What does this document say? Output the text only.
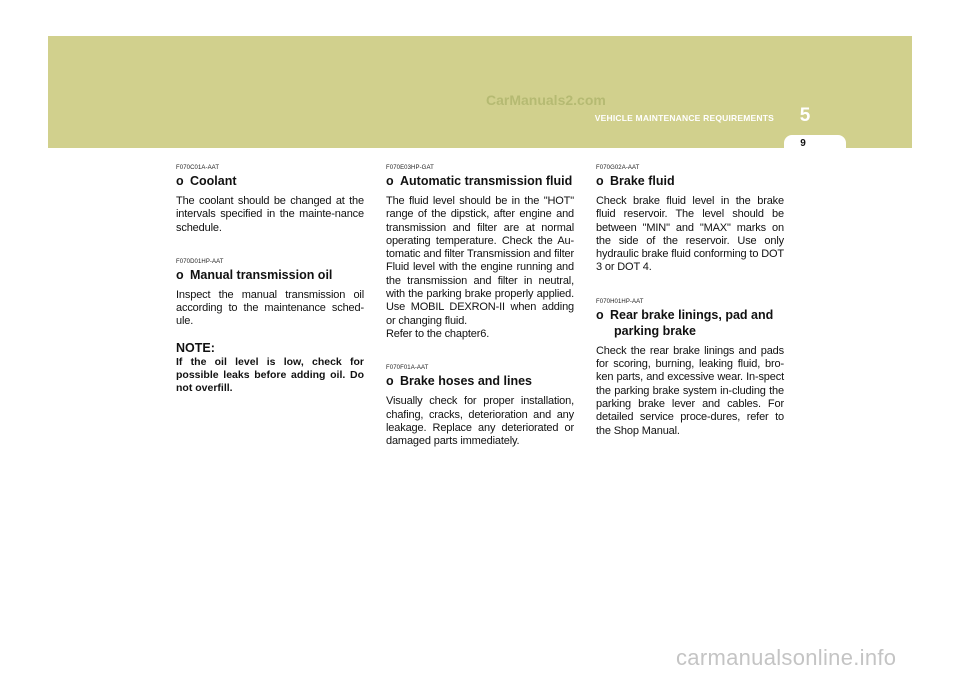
CarManuals2.com
VEHICLE MAINTENANCE REQUIREMENTS	5
9

F070C01A-AAT

o Coolant

The coolant should be changed at the intervals specified in the mainte-nance schedule.

F070D01HP-AAT

o Manual transmission oil

Inspect the manual transmission oil according to the maintenance sched-ule.

NOTE:

If the oil level is low, check for possible leaks before adding oil. Do not overfill.

F070E03HP-GAT

o Automatic transmission fluid

The fluid level should be in the "HOT" range of the dipstick, after engine and transmission and filter are at normal operating temperature. Check the Au-tomatic and filter Transmission and filter Fluid level with the engine running and the transmission and filter in neutral, with the parking brake properly applied. Use MOBIL DEXRON-II when adding or changing fluid.

Refer to the chapter6.

F070F01A-AAT

o Brake hoses and lines

Visually check for proper installation, chafing, cracks, deterioration and any leakage. Replace any deteriorated or damaged parts immediately.

F070G02A-AAT

o Brake fluid

Check brake fluid level in the brake fluid reservoir. The level should be between "MIN" and "MAX" marks on the side of the reservoir. Use only hydraulic brake fluid conforming to DOT 3 or DOT 4.

F070H01HP-AAT

o Rear brake linings, pad and parking brake

Check the rear brake linings and pads for scoring, burning, leaking fluid, bro-ken parts, and excessive wear. In-spect the parking brake system in-cluding the parking brake lever and cables. For detailed service proce-dures, refer to the Shop Manual.

carmanualsonline.info
